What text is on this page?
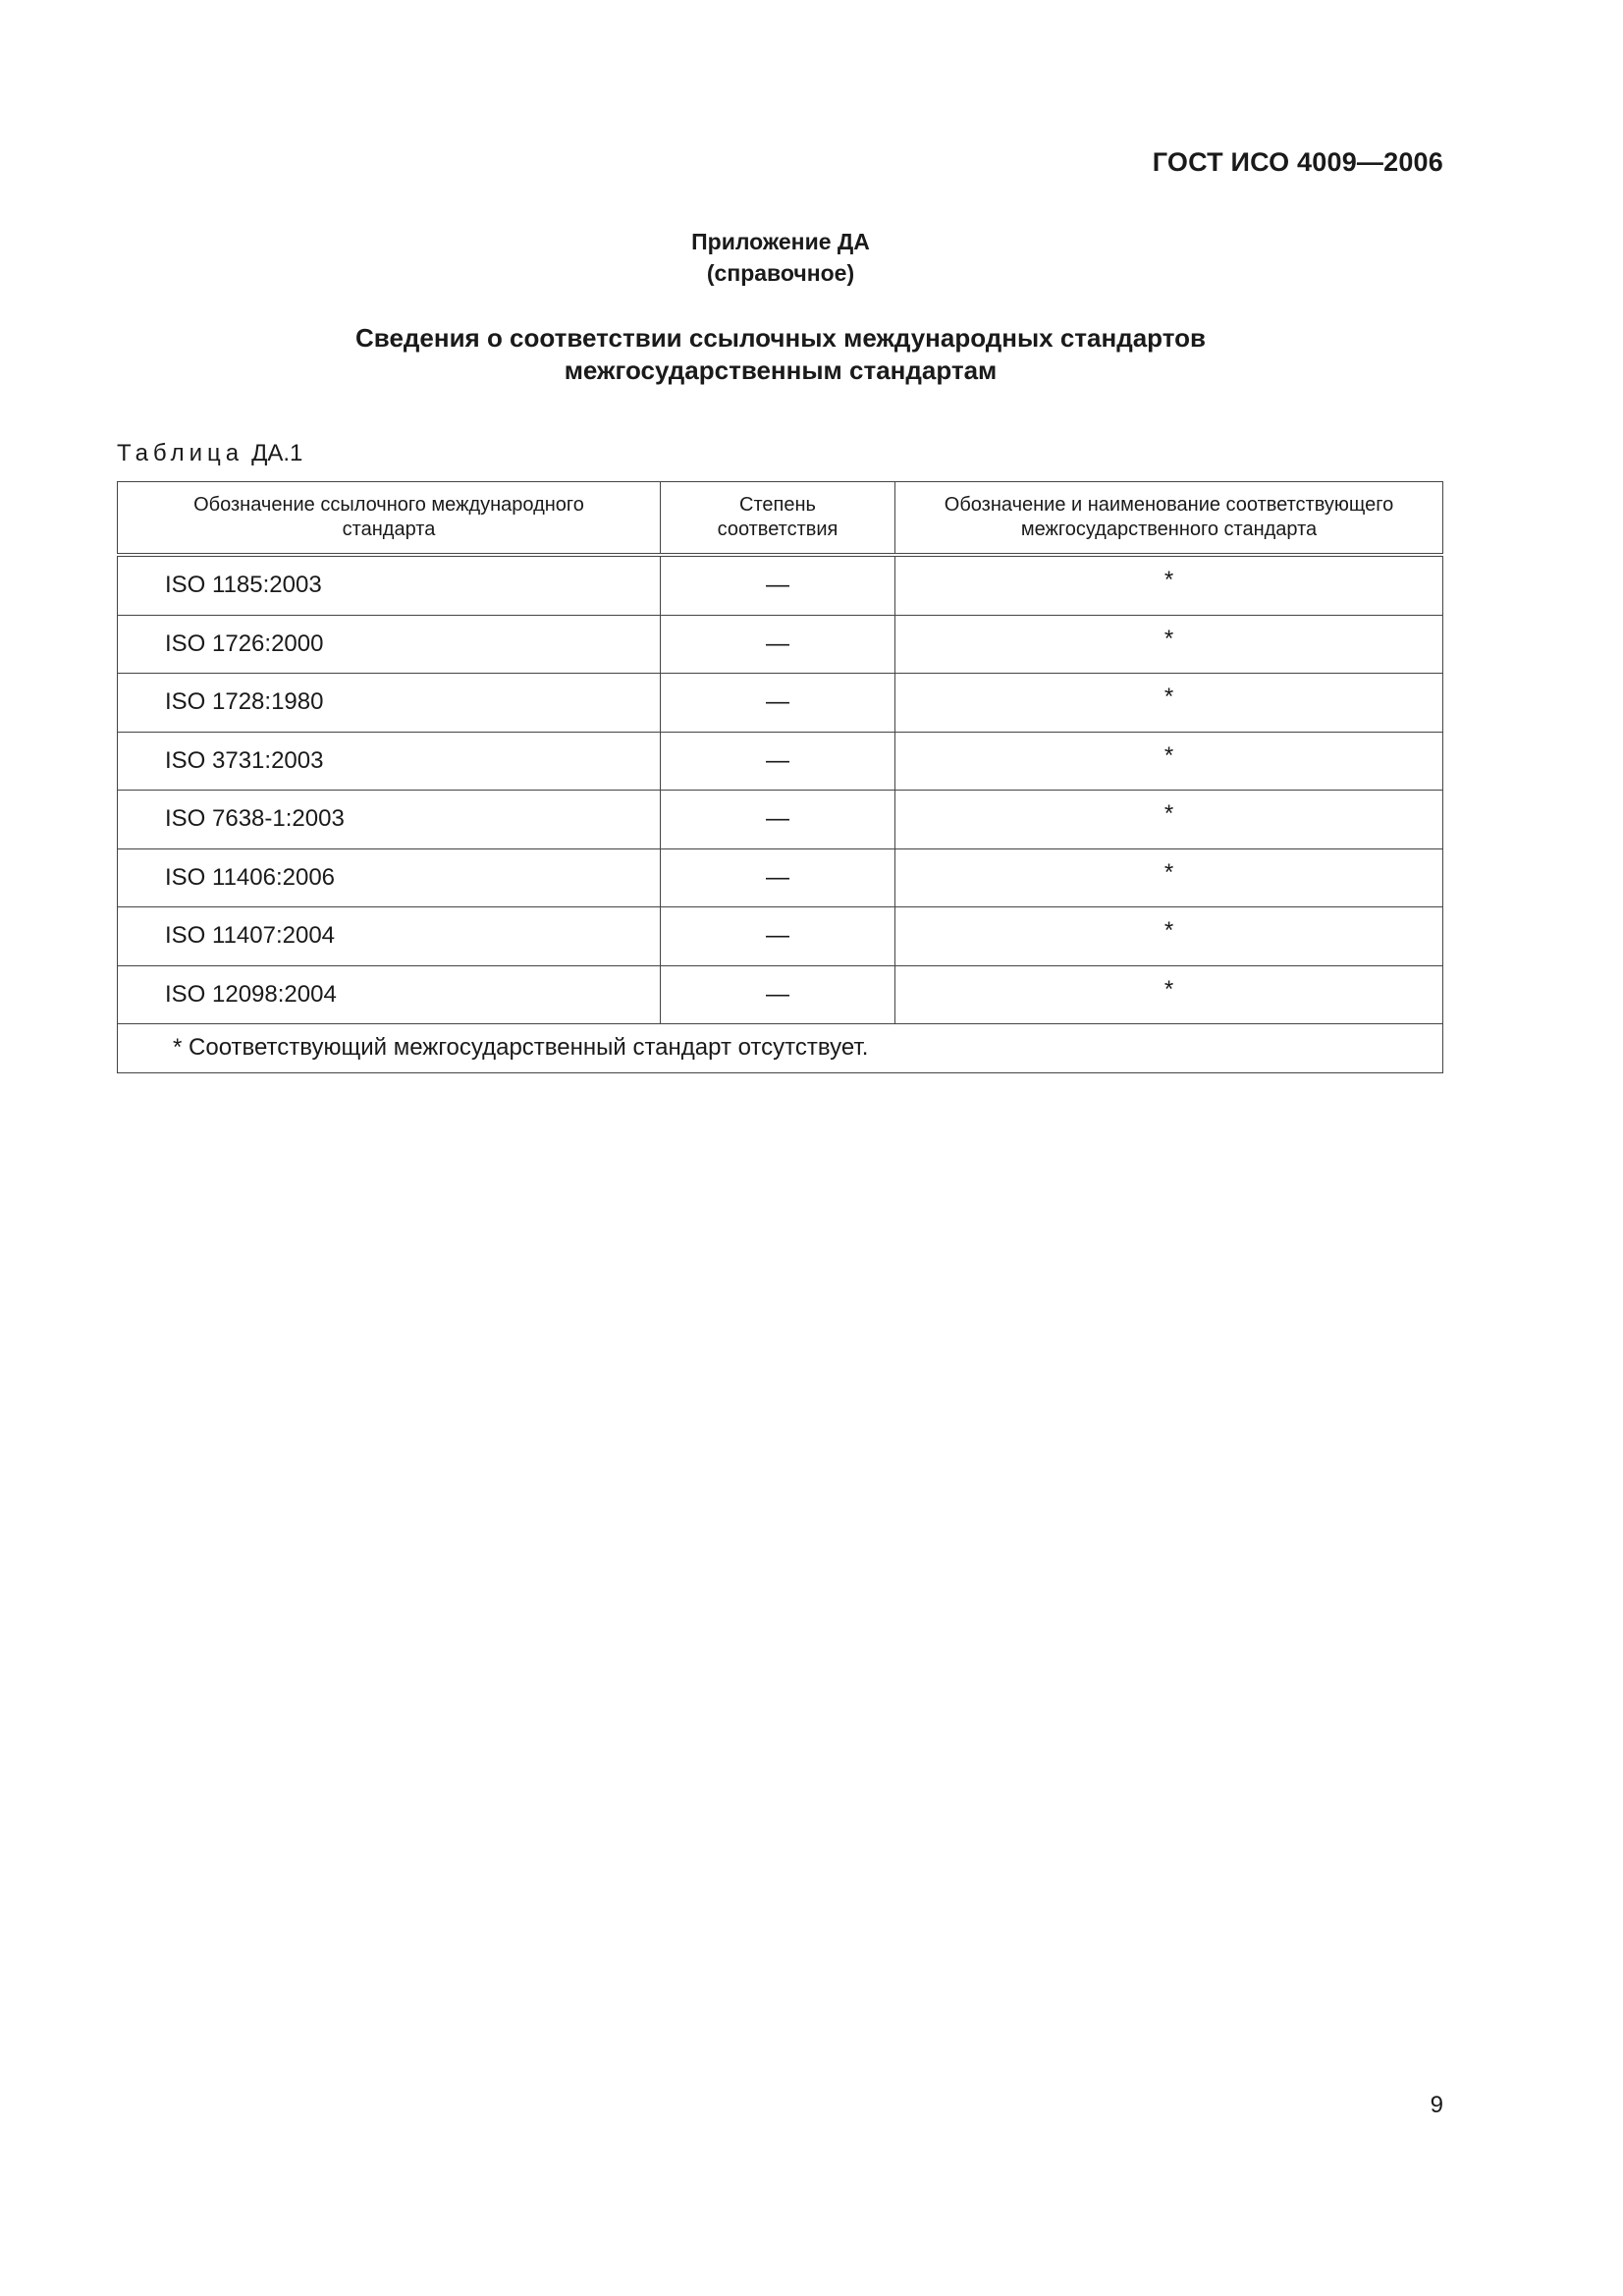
ГОСТ ИСО 4009—2006
Приложение ДА
(справочное)
Сведения о соответствии ссылочных международных стандартов
межгосударственным стандартам
Таблица ДА.1
Обозначение ссылочного международного стандарта	Степень соответствия	Обозначение и наименование соответствующего межгосударственного стандарта
ISO 1185:2003	—	*
ISO 1726:2000	—	*
ISO 1728:1980	—	*
ISO 3731:2003	—	*
ISO 7638-1:2003	—	*
ISO 11406:2006	—	*
ISO 11407:2004	—	*
ISO 12098:2004	—	*
* Соответствующий межгосударственный стандарт отсутствует.		
9
